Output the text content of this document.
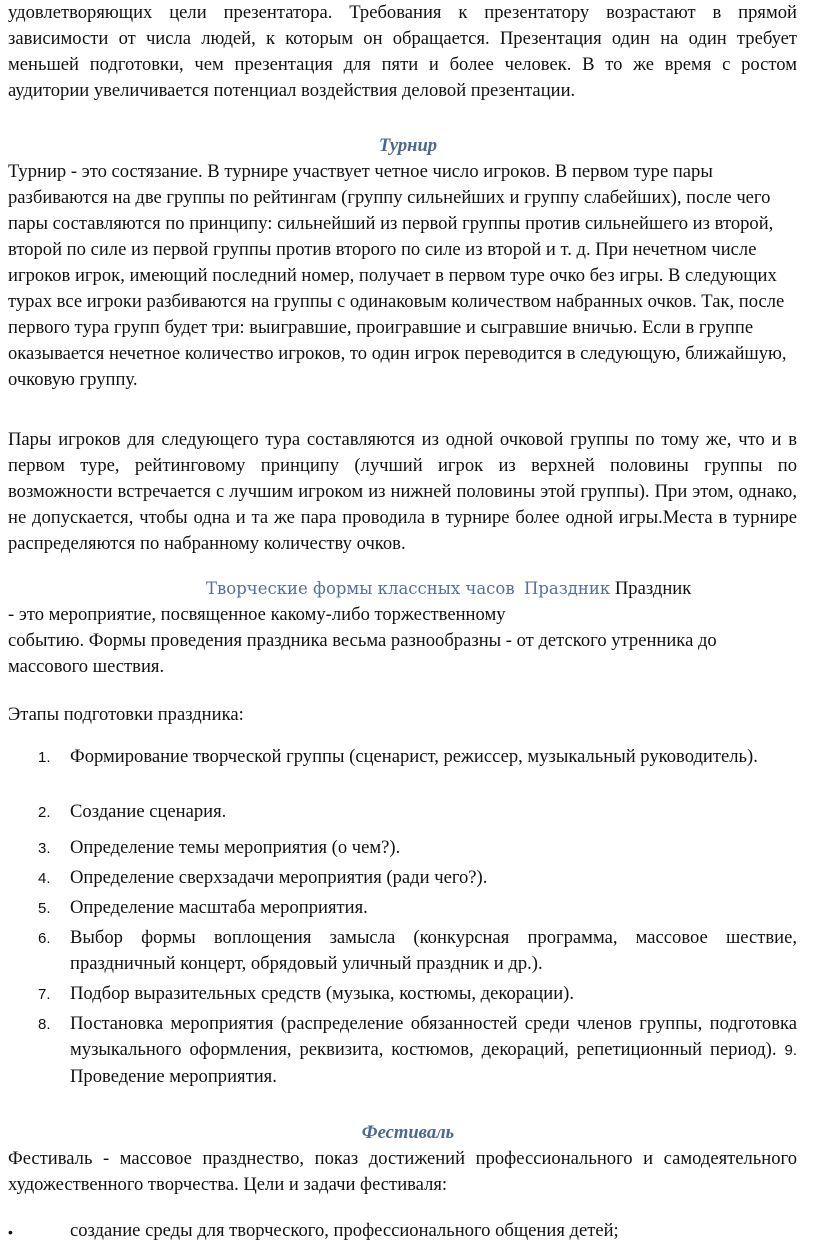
удовлетворяющих цели презентатора. Требования к презентатору возрастают в прямой зависимости от числа людей, к которым он обращается. Презентация один на один требует меньшей подготовки, чем презентация для пяти и более человек. В то же время с ростом аудитории увеличивается потенциал воздействия деловой презентации.

Турнир

Турнир - это состязание. В турнире участвует четное число игроков. В первом туре пары разбиваются на две группы по рейтингам (группу сильнейших и группу слабейших), после чего пары составляются по принципу: сильнейший из первой группы против сильнейшего из второй, второй по силе из первой группы против второго по силе из второй и т. д. При нечетном числе игроков игрок, имеющий последний номер, получает в первом туре очко без игры. В следующих турах все игроки разбиваются на группы с одинаковым количеством набранных очков. Так, после первого тура групп будет три: выигравшие, проигравшие и сыгравшие вничью. Если в группе оказывается нечетное количество игроков, то один игрок переводится в следующую, ближайшую, очковую группу.

Пары игроков для следующего тура составляются из одной очковой группы по тому же, что и в первом туре, рейтинговому принципу (лучший игрок из верхней половины группы по возможности встречается с лучшим игроком из нижней половины этой группы). При этом, однако, не допускается, чтобы одна и та же пара проводила в турнире более одной игры.Места в турнире распределяются по набранному количеству очков.

Творческие формы классных часов Праздник Праздник

- это мероприятие, посвященное какому-либо торжественному

событию. Формы проведения праздника весьма разнообразны - от детского утренника до массового шествия.

Этапы подготовки праздника:

1. Формирование творческой группы (сценарист, режиссер, музыкальный руководитель).

2. Создание сценария.

3. Определение темы мероприятия (о чем?).

4. Определение сверхзадачи мероприятия (ради чего?).

5. Определение масштаба мероприятия.

6. Выбор формы воплощения замысла (конкурсная программа, массовое шествие, праздничный концерт, обрядовый уличный праздник и др.).

7. Подбор выразительных средств (музыка, костюмы, декорации).

8. Постановка мероприятия (распределение обязанностей среди членов группы, подготовка музыкального оформления, реквизита, костюмов, декораций, репетиционный период). 9. Проведение мероприятия.

Фестиваль

Фестиваль - массовое празднество, показ достижений профессионального и самодеятельного художественного творчества. Цели и задачи фестиваля:

•	создание среды для творческого, профессионального общения детей;
